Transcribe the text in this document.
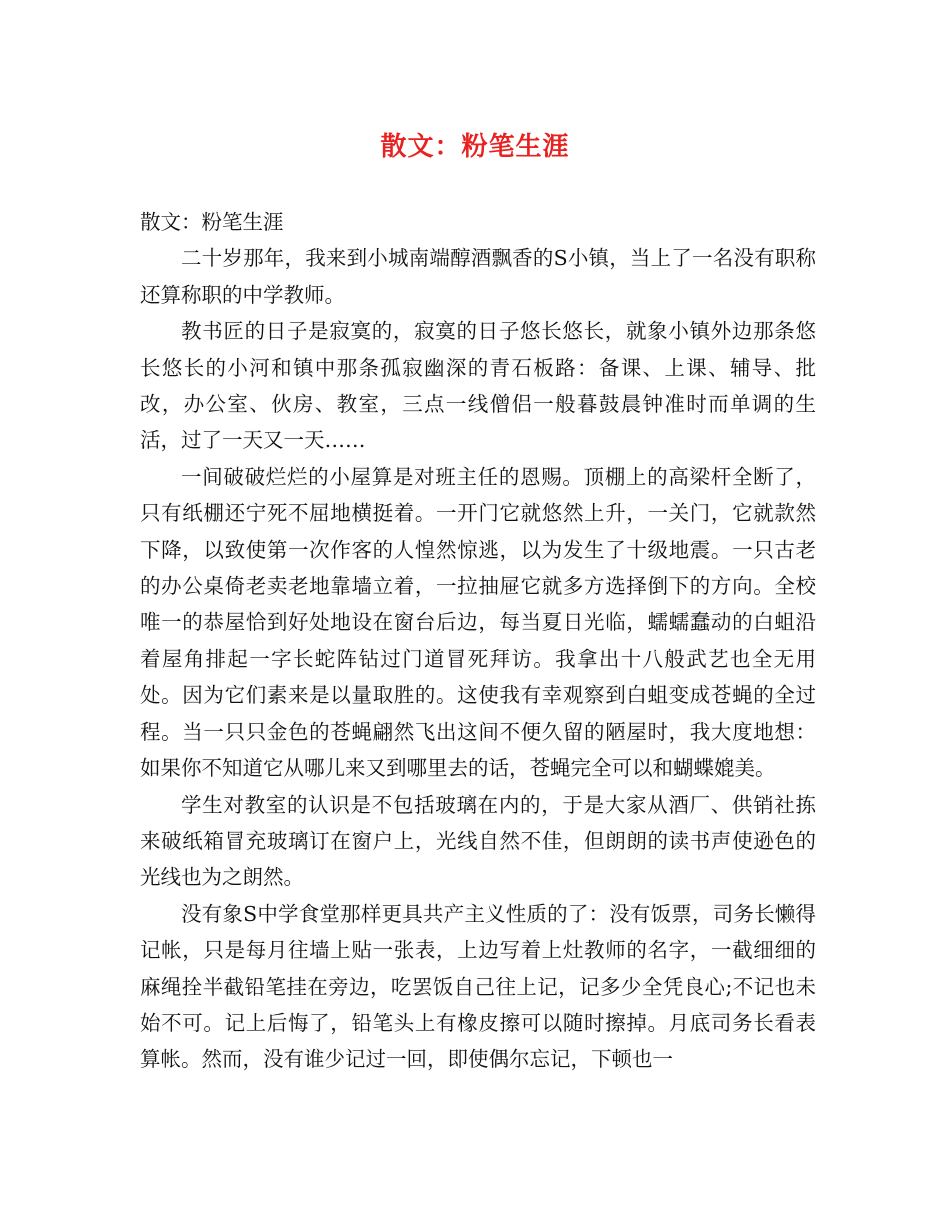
散文：粉笔生涯

散文：粉笔生涯

二十岁那年，我来到小城南端醇酒飘香的S小镇，当上了一名没有职称还算称职的中学教师。

教书匠的日子是寂寞的，寂寞的日子悠长悠长，就象小镇外边那条悠长悠长的小河和镇中那条孤寂幽深的青石板路：备课、上课、辅导、批改，办公室、伙房、教室，三点一线僧侣一般暮鼓晨钟准时而单调的生活，过了一天又一天……

一间破破烂烂的小屋算是对班主任的恩赐。顶棚上的高梁杆全断了，只有纸棚还宁死不屈地横挺着。一开门它就悠然上升，一关门，它就款然下降，以致使第一次作客的人惶然惊逃，以为发生了十级地震。一只古老的办公桌倚老卖老地靠墙立着，一拉抽屉它就多方选择倒下的方向。全校唯一的恭屋恰到好处地设在窗台后边，每当夏日光临，蠕蠕蠢动的白蛆沿着屋角排起一字长蛇阵钻过门道冒死拜访。我拿出十八般武艺也全无用处。因为它们素来是以量取胜的。这使我有幸观察到白蛆变成苍蝇的全过程。当一只只金色的苍蝇翩然飞出这间不便久留的陋屋时，我大度地想：如果你不知道它从哪儿来又到哪里去的话，苍蝇完全可以和蝴蝶媲美。

学生对教室的认识是不包括玻璃在内的，于是大家从酒厂、供销社拣来破纸箱冒充玻璃订在窗户上，光线自然不佳，但朗朗的读书声使逊色的光线也为之朗然。

没有象S中学食堂那样更具共产主义性质的了：没有饭票，司务长懒得记帐，只是每月往墙上贴一张表，上边写着上灶教师的名字，一截细细的麻绳拴半截铅笔挂在旁边，吃罢饭自己往上记，记多少全凭良心;不记也未始不可。记上后悔了，铅笔头上有橡皮擦可以随时擦掉。月底司务长看表算帐。然而，没有谁少记过一回，即使偶尔忘记，下顿也一
